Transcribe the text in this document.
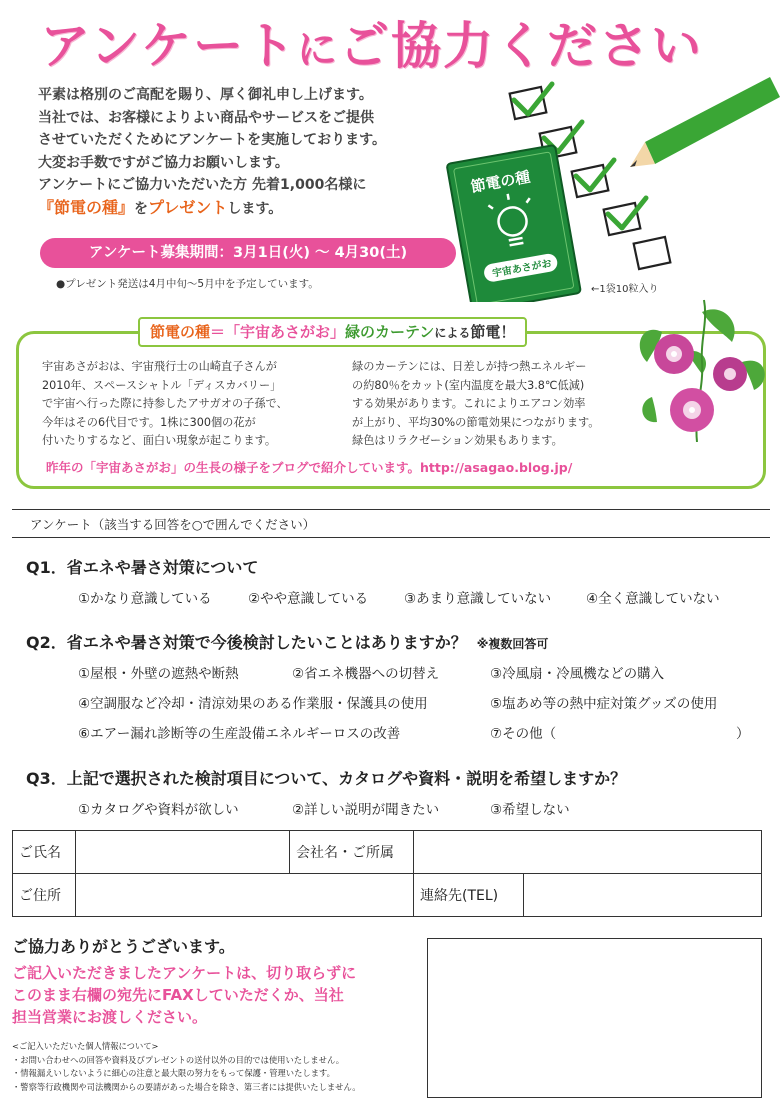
アンケートにご協力ください
平素は格別のご高配を賜り、厚く御礼申し上げます。
当社では、お客様によりよい商品やサービスをご提供
させていただくためにアンケートを実施しております。
大変お手数ですがご協力お願いします。
アンケートにご協力いただいた方 先着1,000名様に
『節電の種』をプレゼントします。
アンケート募集期間：3月1日(火) ～ 4月30(土)
●プレゼント発送は4月中旬～5月中を予定しています。
節電の種
宇宙あさがお
←1袋10粒入り
節電の種＝「宇宙あさがお」緑のカーテンによる節電！
宇宙あさがおは、宇宙飛行士の山崎直子さんが
2010年、スペースシャトル「ディスカバリー」
で宇宙へ行った際に持参したアサガオの子孫で、
今年はその6代目です。1株に300個の花が
付いたりするなど、面白い現象が起こります。
緑のカーテンには、日差しが持つ熱エネルギー
の約80％をカット(室内温度を最大3.8℃低減)
する効果があります。これによりエアコン効率
が上がり、平均30%の節電効果につながります。
緑色はリラクゼーション効果もあります。
昨年の「宇宙あさがお」の生長の様子をブログで紹介しています。http://asagao.blog.jp/
アンケート（該当する回答を○で囲んでください）
Q1．省エネや暑さ対策について
①かなり意識している	②やや意識している	③あまり意識していない	④全く意識していない
Q2．省エネや暑さ対策で今後検討したいことはありますか？ ※複数回答可
①屋根・外壁の遮熱や断熱	②省エネ機器への切替え	③冷風扇・冷風機などの購入
④空調服など冷却・清涼効果のある作業服・保護具の使用	⑤塩あめ等の熱中症対策グッズの使用
⑥エアー漏れ診断等の生産設備エネルギーロスの改善	⑦その他（	）
Q3．上記で選択された検討項目について、カタログや資料・説明を希望しますか？
①カタログや資料が欲しい	②詳しい説明が聞きたい	③希望しない
ご氏名		会社名・ご所属		
ご住所			連絡先(TEL)	
ご協力ありがとうございます。
ご記入いただきましたアンケートは、切り取らずに
このまま右欄の宛先にFAXしていただくか、当社
担当営業にお渡しください。
<ご記入いただいた個人情報について>
・お問い合わせへの回答や資料及びプレゼントの送付以外の目的では使用いたしません。
・情報漏えいしないように細心の注意と最大限の努力をもって保護・管理いたします。
・警察等行政機関や司法機関からの要請があった場合を除き、第三者には提供いたしません。
